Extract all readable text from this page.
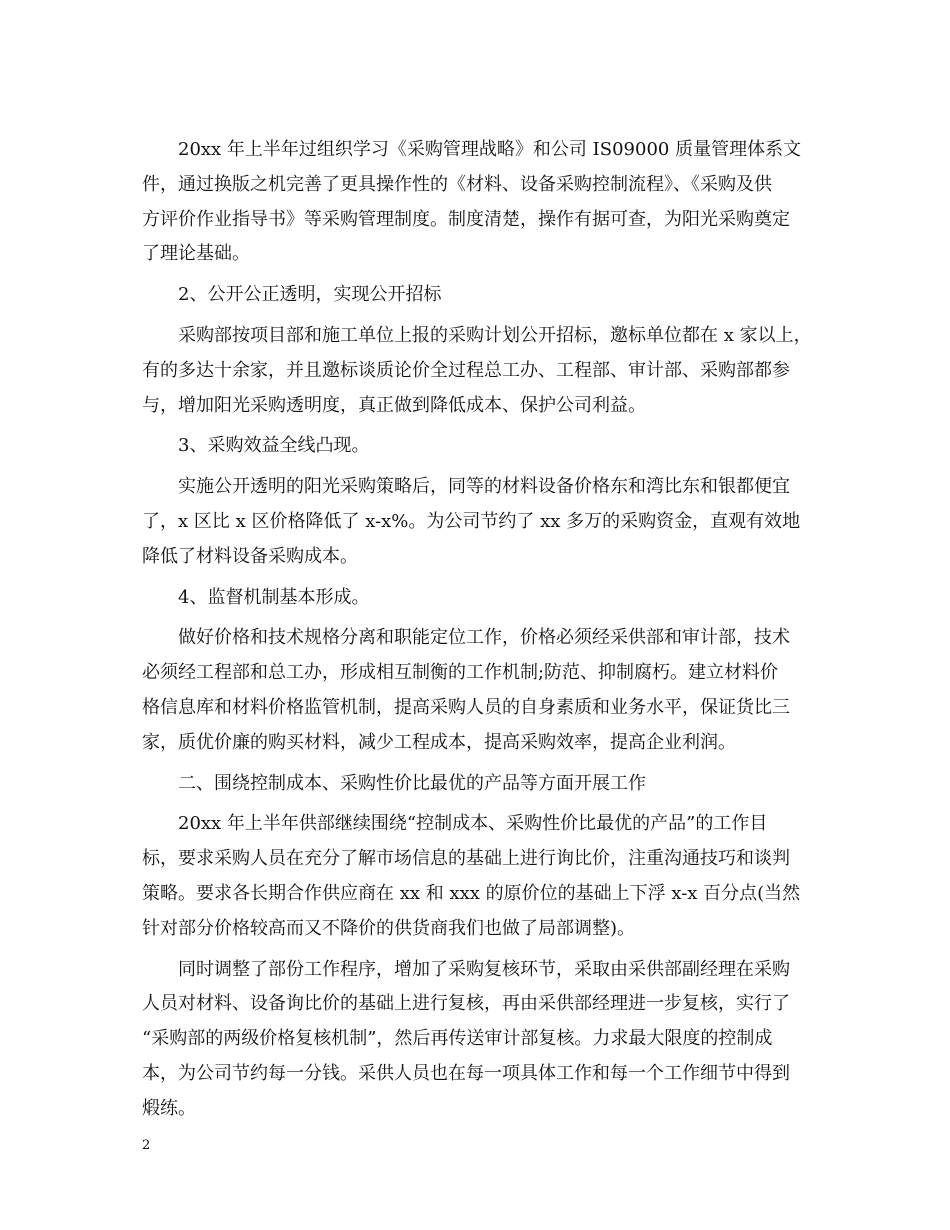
20xx 年上半年过组织学习《采购管理战略》和公司 IS09000 质量管理体系文
件，通过换版之机完善了更具操作性的《材料、设备采购控制流程》、《采购及供
方评价作业指导书》等采购管理制度。制度清楚，操作有据可查，为阳光采购奠定
了理论基础。

2、公开公正透明，实现公开招标

采购部按项目部和施工单位上报的采购计划公开招标，邀标单位都在 x 家以上，
有的多达十余家，并且邀标谈质论价全过程总工办、工程部、审计部、采购部都参
与，增加阳光采购透明度，真正做到降低成本、保护公司利益。

3、采购效益全线凸现。

实施公开透明的阳光采购策略后，同等的材料设备价格东和湾比东和银都便宜
了，x 区比 x 区价格降低了 x-x%。为公司节约了 xx 多万的采购资金，直观有效地
降低了材料设备采购成本。

4、监督机制基本形成。

做好价格和技术规格分离和职能定位工作，价格必须经采供部和审计部，技术
必须经工程部和总工办，形成相互制衡的工作机制;防范、抑制腐朽。建立材料价
格信息库和材料价格监管机制，提高采购人员的自身素质和业务水平，保证货比三
家，质优价廉的购买材料，减少工程成本，提高采购效率，提高企业利润。

二、围绕控制成本、采购性价比最优的产品等方面开展工作

20xx 年上半年供部继续围绕“控制成本、采购性价比最优的产品”的工作目
标，要求采购人员在充分了解市场信息的基础上进行询比价，注重沟通技巧和谈判
策略。要求各长期合作供应商在 xx 和 xxx 的原价位的基础上下浮 x-x 百分点(当然
针对部分价格较高而又不降价的供货商我们也做了局部调整)。

同时调整了部份工作程序，增加了采购复核环节，采取由采供部副经理在采购
人员对材料、设备询比价的基础上进行复核，再由采供部经理进一步复核，实行了
“采购部的两级价格复核机制”，然后再传送审计部复核。力求最大限度的控制成
本，为公司节约每一分钱。采供人员也在每一项具体工作和每一个工作细节中得到
煅练。

2
